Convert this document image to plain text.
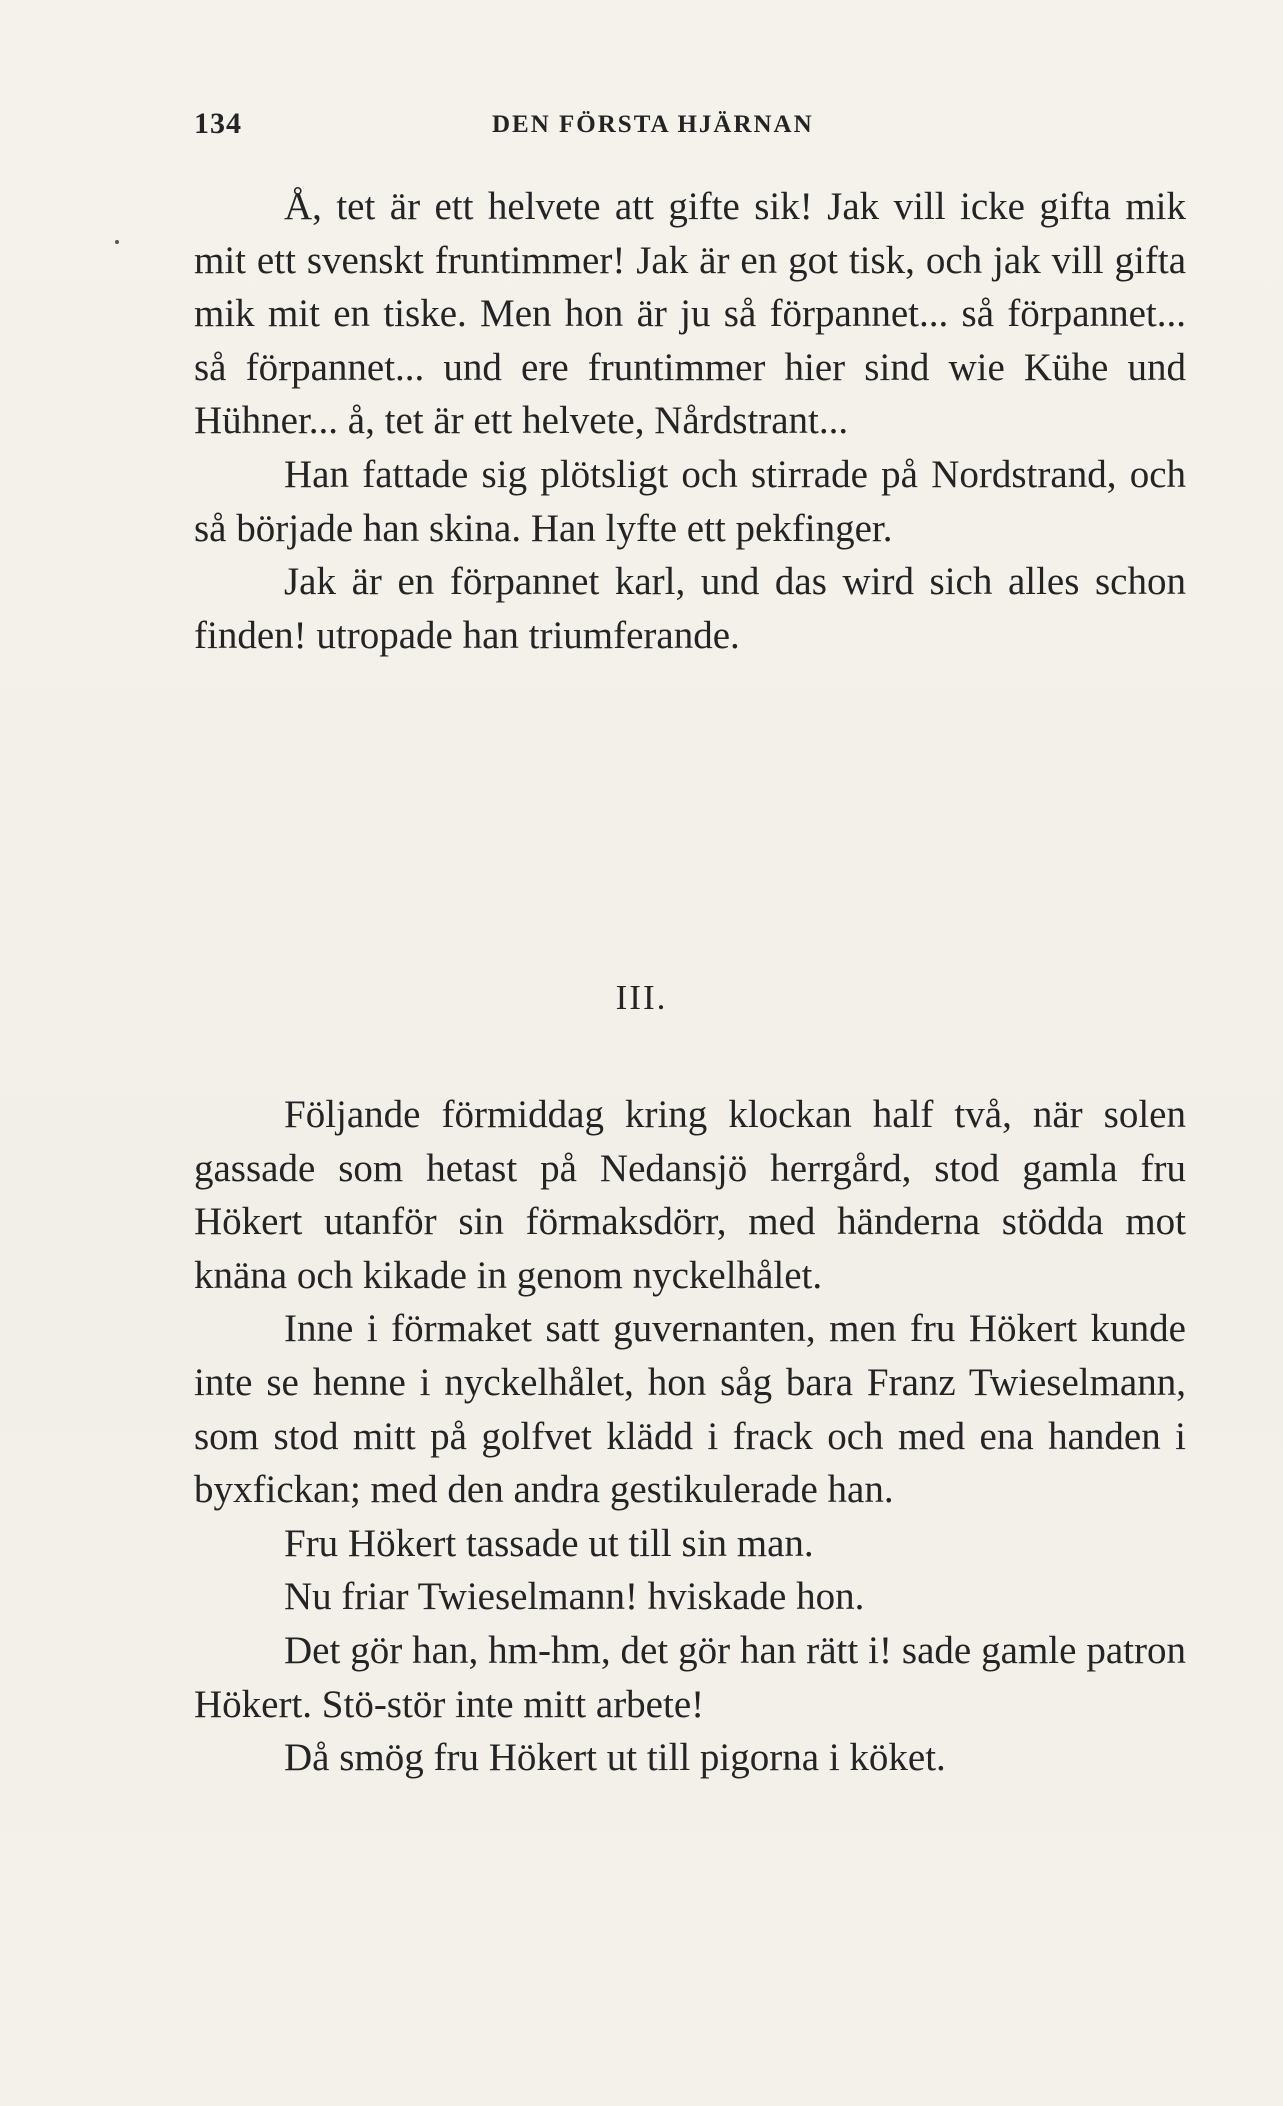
134	DEN FÖRSTA HJÄRNAN

Å, tet är ett helvete att gifte sik! Jak vill icke gifta mik mit ett svenskt fruntimmer! Jak är en got tisk, och jak vill gifta mik mit en tiske. Men hon är ju så förpannet... så förpannet... så förpannet... und ere fruntimmer hier sind wie Kühe und Hühner... å, tet är ett helvete, Nårdstrant...

Han fattade sig plötsligt och stirrade på Nordstrand, och så började han skina. Han lyfte ett pekfinger.

Jak är en förpannet karl, und das wird sich alles schon finden! utropade han triumferande.

III.

Följande förmiddag kring klockan half två, när solen gassade som hetast på Nedansjö herrgård, stod gamla fru Hökert utanför sin förmaksdörr, med händerna stödda mot knäna och kikade in genom nyckelhålet.

Inne i förmaket satt guvernanten, men fru Hökert kunde inte se henne i nyckelhålet, hon såg bara Franz Twieselmann, som stod mitt på golfvet klädd i frack och med ena handen i byxfickan; med den andra gestikulerade han.

Fru Hökert tassade ut till sin man.

Nu friar Twieselmann! hviskade hon.

Det gör han, hm-hm, det gör han rätt i! sade gamle patron Hökert. Stö-stör inte mitt arbete!

Då smög fru Hökert ut till pigorna i köket.
